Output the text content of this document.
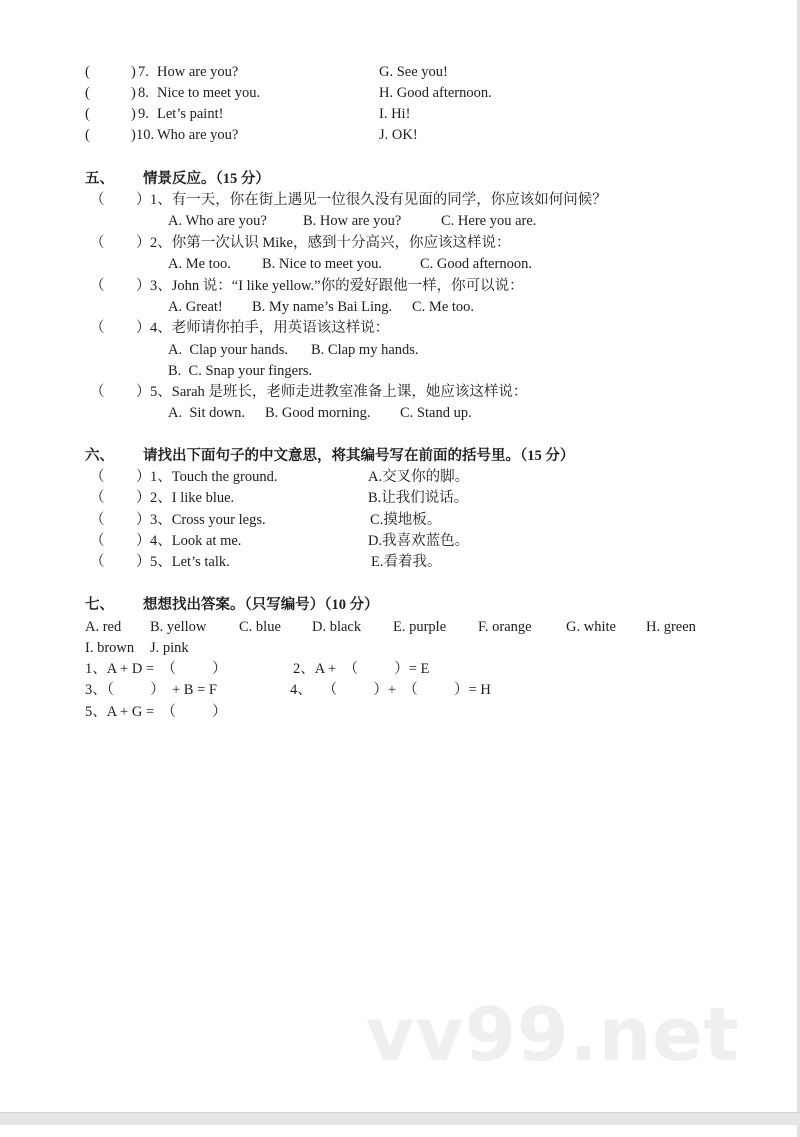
(	) 7. How are you?	G. See you!
(	) 8. Nice to meet you.	H. Good afternoon.
(	) 9. Let’s paint!	I. Hi!
(	) 10. Who are you?	J. OK!
五、 情景反应。（15 分）
（ ） 1、有一天，你在街上遇见一位很久没有见面的同学，你应该如何问候？
A. Who are you? B. How are you?	C. Here you are.
（ ） 2、你第一次认识 Mike，感到十分高兴，你应该这样说：
A. Me too. B. Nice to meet you.	C. Good afternoon.
（ ） 3、John 说：“I like yellow.”你的爱好跟他一样，你可以说：
A. Great! B. My name’s Bai Ling. C. Me too.
（ ） 4、老师请你拍手，用英语该这样说：
A.  Clap your hands. B. Clap my hands.
B.  C. Snap your fingers.
（ ） 5、Sarah 是班长，老师走进教室准备上课，她应该这样说：
A.  Sit down. B. Good morning. C. Stand up.
六、 请找出下面句子的中文意思，将其编号写在前面的括号里。（15 分）
（ ） 1、Touch the ground.	A.交叉你的脚。
（ ） 2、I like blue.	B.让我们说话。
（ ） 3、Cross your legs.	C.摸地板。
（ ） 4、Look at me.	D.我喜欢蓝色。
（ ） 5、Let’s talk.	E.看着我。
七、 想想找出答案。（只写编号）（10 分）
A. red B. yellow C. blue D. black E. purple F. orange G. white H. green
I. brown J. pink
1、A + D =  （          ）	2、A +  （          ）= E
3、（          ）  + B = F	4、   （          ）+  （          ）= H
5、A + G =  （          ）
vv99.net
